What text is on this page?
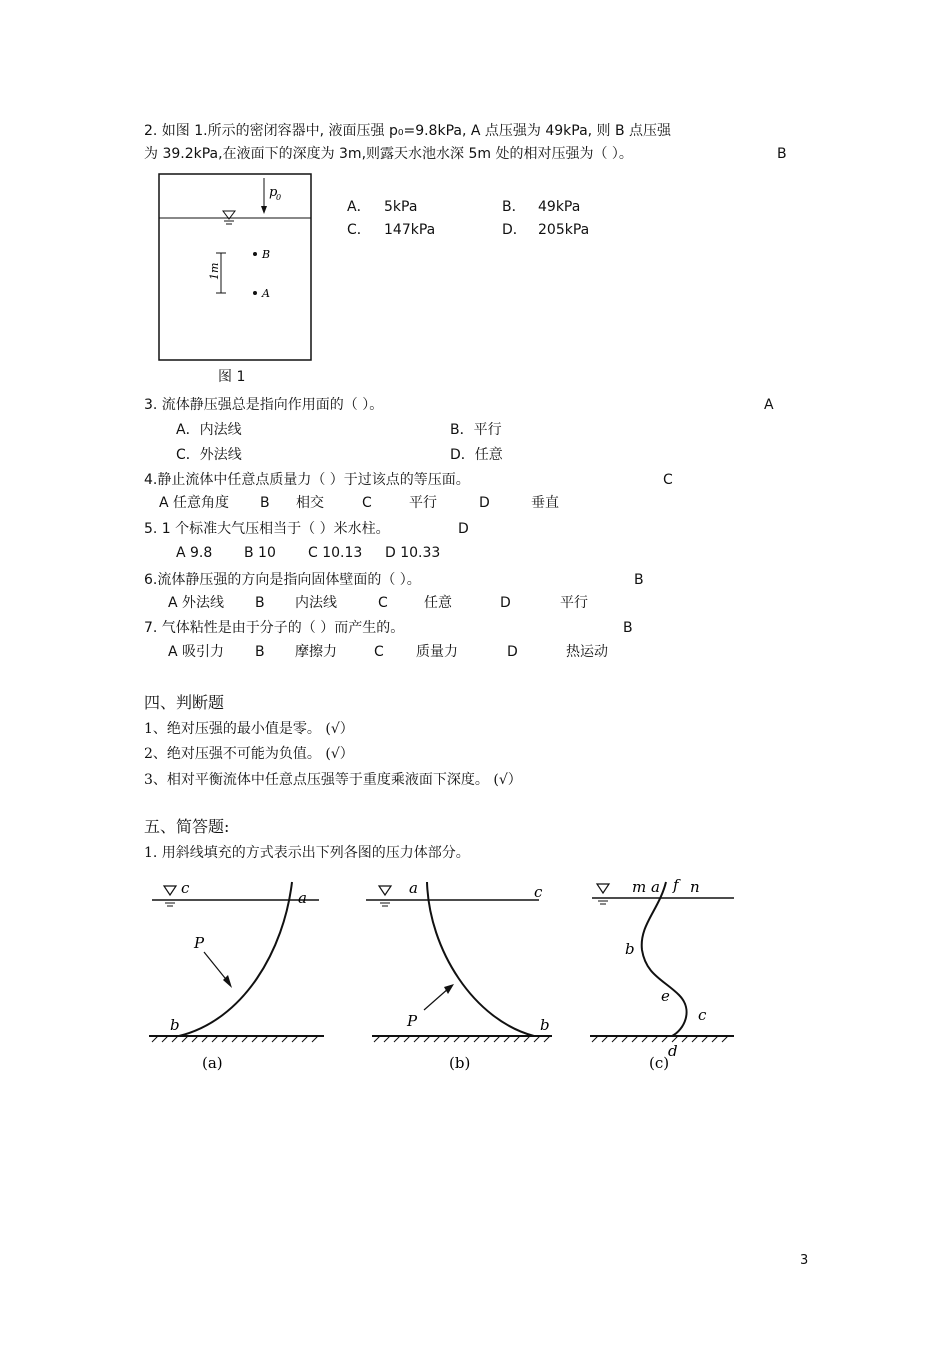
2. 如图 1.所示的密闭容器中, 液面压强 p₀=9.8kPa, A 点压强为 49kPa, 则 B 点压强
为 39.2kPa,在液面下的深度为 3m,则露天水池水深 5m 处的相对压强为（ ）。	B
p
0
B
A
1m
图 1
A． 5kPa	B． 49kPa
C． 147kPa	D． 205kPa
3. 流体静压强总是指向作用面的（ ）。	A
A．内法线	B．平行
C．外法线	D．任意
4.静止流体中任意点质量力（ ）于过该点的等压面。	C
A 任意角度 B 相交	C	平行	D	垂直
5. 1 个标准大气压相当于（ ）米水柱。	D
A 9.8 B 10 C 10.13 D 10.33
6.流体静压强的方向是指向固体壁面的（ ）。	B
A 外法线 B 内法线	C	任意	D	平行
7. 气体粘性是由于分子的（ ）而产生的。	B
A 吸引力 B 摩擦力	C 质量力	D	热运动
四、判断题
1、绝对压强的最小值是零。 (√）
2、绝对压强不可能为负值。 (√）
3、相对平衡流体中任意点压强等于重度乘液面下深度。 (√）
五、简答题:
1. 用斜线填充的方式表示出下列各图的压力体部分。
c
a
P
b
(a)
a	c
P	b
(b)
m a f n
b
e
c
d
(c)
3
